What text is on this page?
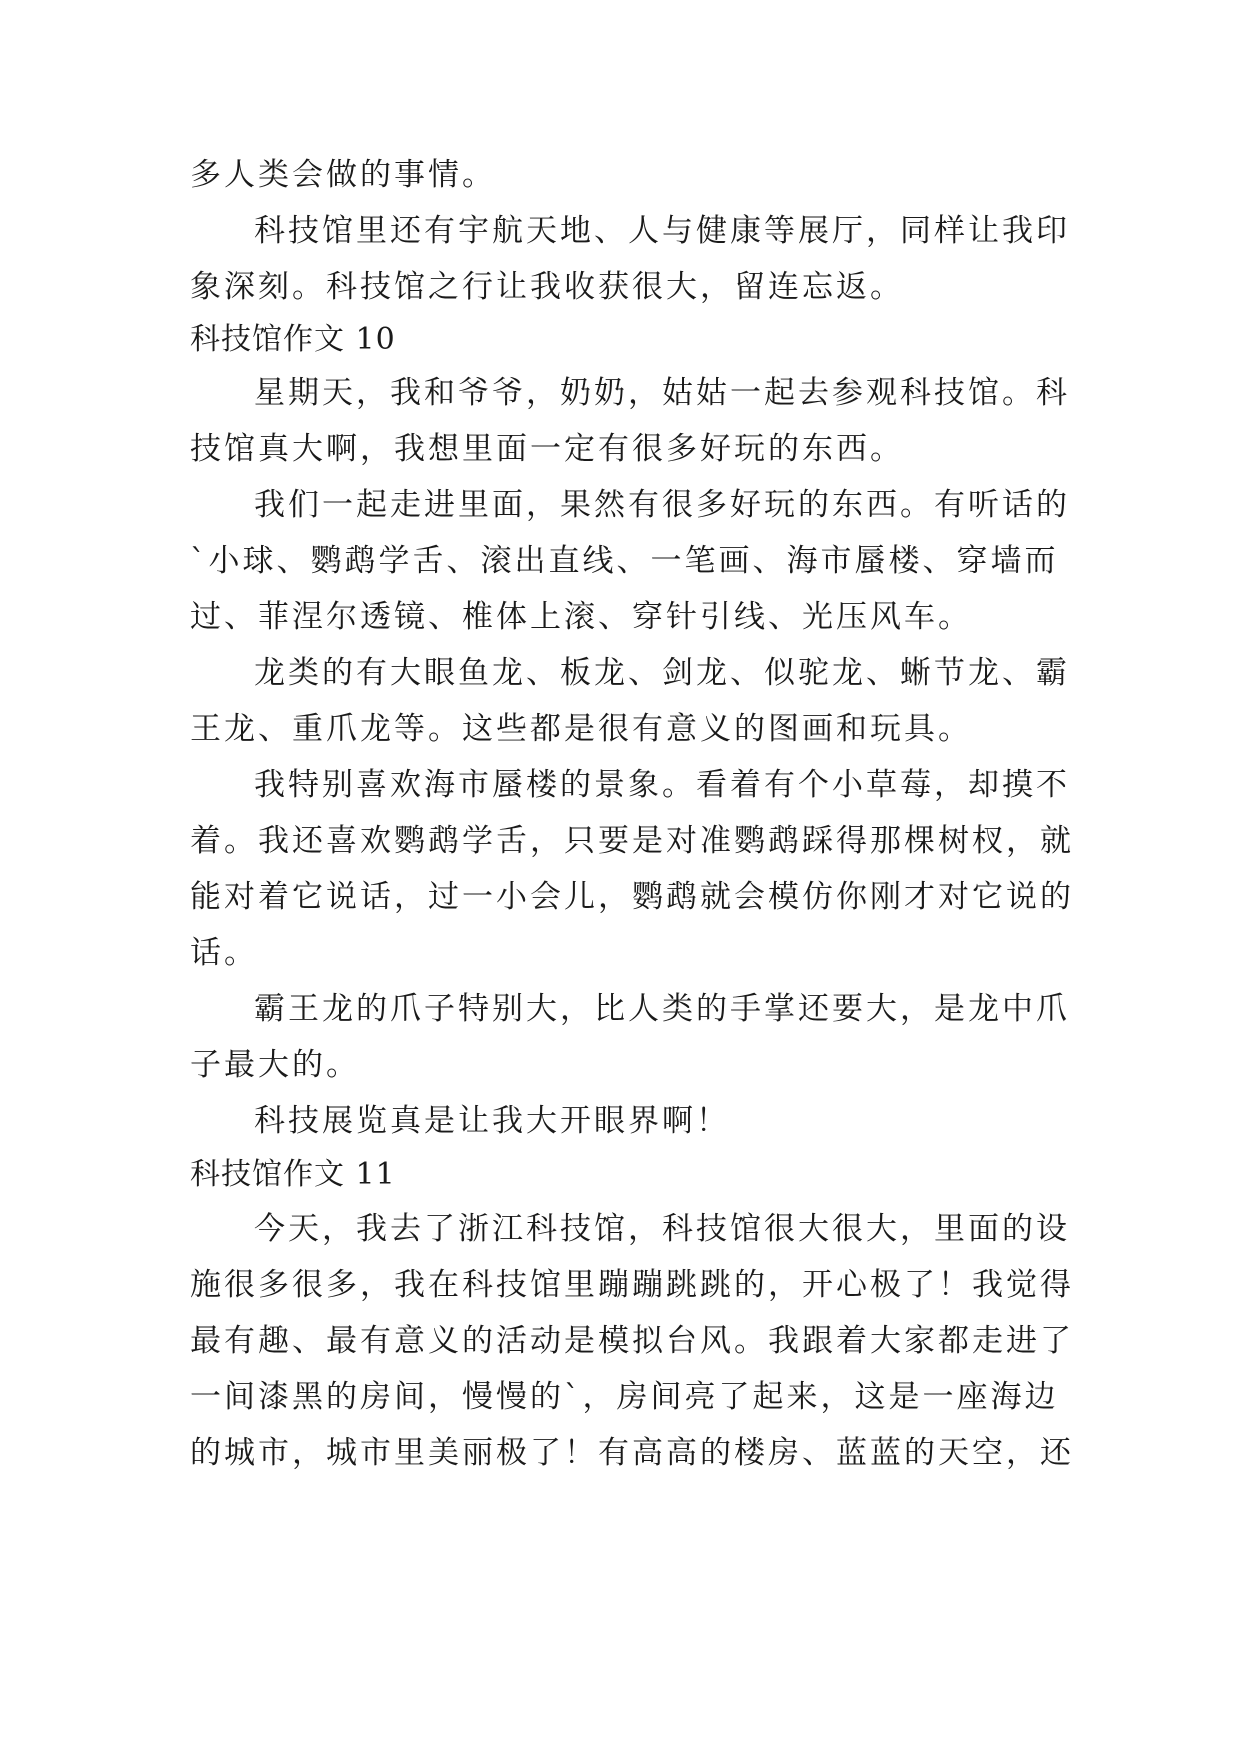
多人类会做的事情。
科技馆里还有宇航天地、人与健康等展厅，同样让我印
象深刻。科技馆之行让我收获很大，留连忘返。
科技馆作文 10
星期天，我和爷爷，奶奶，姑姑一起去参观科技馆。科
技馆真大啊，我想里面一定有很多好玩的东西。
我们一起走进里面，果然有很多好玩的东西。有听话的
`小球、鹦鹉学舌、滚出直线、一笔画、海市蜃楼、穿墙而
过、菲涅尔透镜、椎体上滚、穿针引线、光压风车。
龙类的有大眼鱼龙、板龙、剑龙、似驼龙、蜥节龙、霸
王龙、重爪龙等。这些都是很有意义的图画和玩具。
我特别喜欢海市蜃楼的景象。看着有个小草莓，却摸不
着。我还喜欢鹦鹉学舌，只要是对准鹦鹉踩得那棵树杈，就
能对着它说话，过一小会儿，鹦鹉就会模仿你刚才对它说的
话。
霸王龙的爪子特别大，比人类的手掌还要大，是龙中爪
子最大的。
科技展览真是让我大开眼界啊！
科技馆作文 11
今天，我去了浙江科技馆，科技馆很大很大，里面的设
施很多很多，我在科技馆里蹦蹦跳跳的，开心极了！我觉得
最有趣、最有意义的活动是模拟台风。我跟着大家都走进了
一间漆黑的房间，慢慢的`，房间亮了起来，这是一座海边
的城市，城市里美丽极了！有高高的楼房、蓝蓝的天空，还
